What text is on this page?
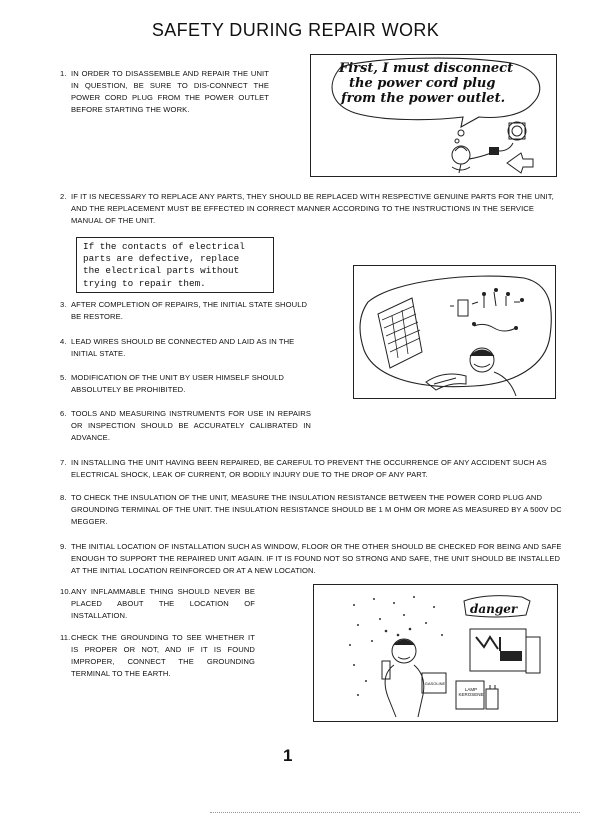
SAFETY DURING REPAIR WORK
1. IN ORDER TO DISASSEMBLE AND REPAIR THE UNIT IN QUESTION, BE SURE TO DIS-CONNECT THE POWER CORD PLUG FROM THE POWER OUTLET BEFORE STARTING THE WORK.
First, I must disconnect
the power cord plug
from the power outlet.
2. IF IT IS NECESSARY TO REPLACE ANY PARTS, THEY SHOULD BE REPLACED WITH RESPECTIVE GENUINE PARTS FOR THE UNIT, AND THE REPLACEMENT MUST BE EFFECTED IN CORRECT MANNER ACCORDING TO THE INSTRUCTIONS IN THE SERVICE MANUAL OF THE UNIT.
If the contacts of electrical
parts are defective, replace
the electrical parts without
trying to repair them.
3. AFTER COMPLETION OF REPAIRS, THE INITIAL STATE SHOULD BE RESTORE.
4. LEAD WIRES SHOULD BE CONNECTED AND LAID AS IN THE INITIAL STATE.
5. MODIFICATION OF THE UNIT BY USER HIMSELF SHOULD ABSOLUTELY BE PROHIBITED.
6. TOOLS AND MEASURING INSTRUMENTS FOR USE IN REPAIRS OR INSPECTION SHOULD BE ACCURATELY CALIBRATED IN ADVANCE.
7. IN INSTALLING THE UNIT HAVING BEEN REPAIRED, BE CAREFUL TO PREVENT THE OCCURRENCE OF ANY ACCIDENT SUCH AS ELECTRICAL SHOCK, LEAK OF CURRENT, OR BODILY INJURY DUE TO THE DROP OF ANY PART.
8. TO CHECK THE INSULATION OF THE UNIT, MEASURE THE INSULATION RESISTANCE BETWEEN THE POWER CORD PLUG AND GROUNDING TERMINAL OF THE UNIT. THE INSULATION RESISTANCE SHOULD BE 1 M OHM OR MORE AS MEASURED BY A 500V DC MEGGER.
9. THE INITIAL LOCATION OF INSTALLATION SUCH AS WINDOW, FLOOR OR THE OTHER SHOULD BE CHECKED FOR BEING AND SAFE ENOUGH TO SUPPORT THE REPAIRED UNIT AGAIN. IF IT IS FOUND NOT SO STRONG AND SAFE, THE UNIT SHOULD BE INSTALLED AT THE INITIAL LOCATION REINFORCED OR AT A NEW LOCATION.
10. ANY INFLAMMABLE THING SHOULD NEVER BE PLACED ABOUT THE LOCATION OF INSTALLATION.
11. CHECK THE GROUNDING TO SEE WHETHER IT IS PROPER OR NOT, AND IF IT IS FOUND IMPROPER, CONNECT THE GROUNDING TERMINAL TO THE EARTH.
danger
GASOLINE
LAMP KEROSENE
1
